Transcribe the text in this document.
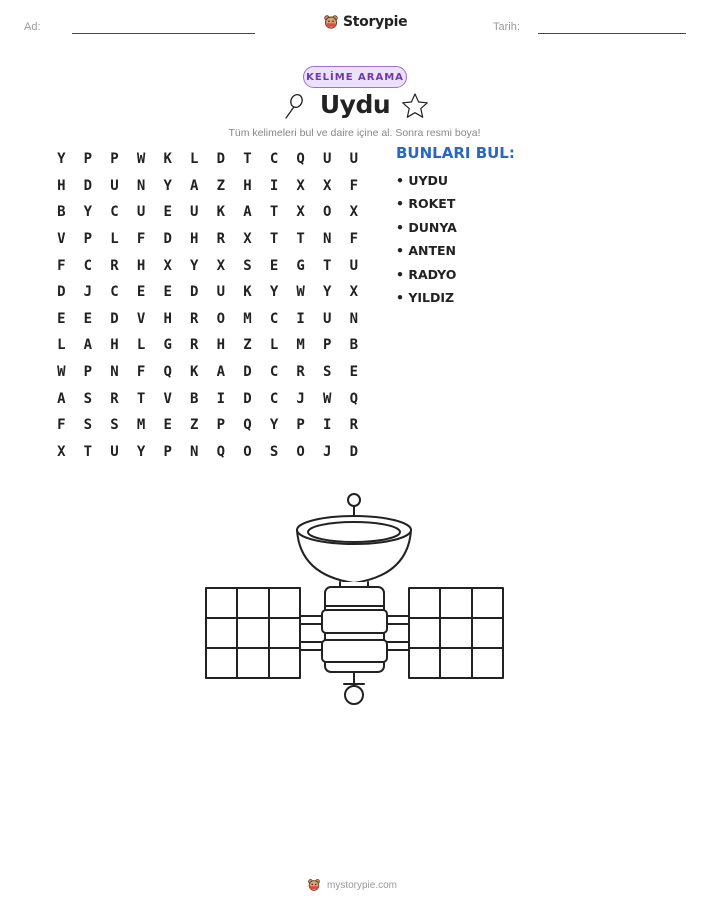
Ad:	Storypie	Tarih:
KELİME ARAMA
Uydu
Tüm kelimeleri bul ve daire içine al. Sonra resmi boya!
Y	P	P	W	K	L	D	T	C	Q	U	U
H	D	U	N	Y	A	Z	H	I	X	X	F
B	Y	C	U	E	U	K	A	T	X	O	X
V	P	L	F	D	H	R	X	T	T	N	F
F	C	R	H	X	Y	X	S	E	G	T	U
D	J	C	E	E	D	U	K	Y	W	Y	X
E	E	D	V	H	R	O	M	C	I	U	N
L	A	H	L	G	R	H	Z	L	M	P	B
W	P	N	F	Q	K	A	D	C	R	S	E
A	S	R	T	V	B	I	D	C	J	W	Q
F	S	S	M	E	Z	P	Q	Y	P	I	R
X	T	U	Y	P	N	Q	O	S	O	J	D
BUNLARI BUL:
• UYDU
• ROKET
• DUNYA
• ANTEN
• RADYO
• YILDIZ
mystorypie.com
